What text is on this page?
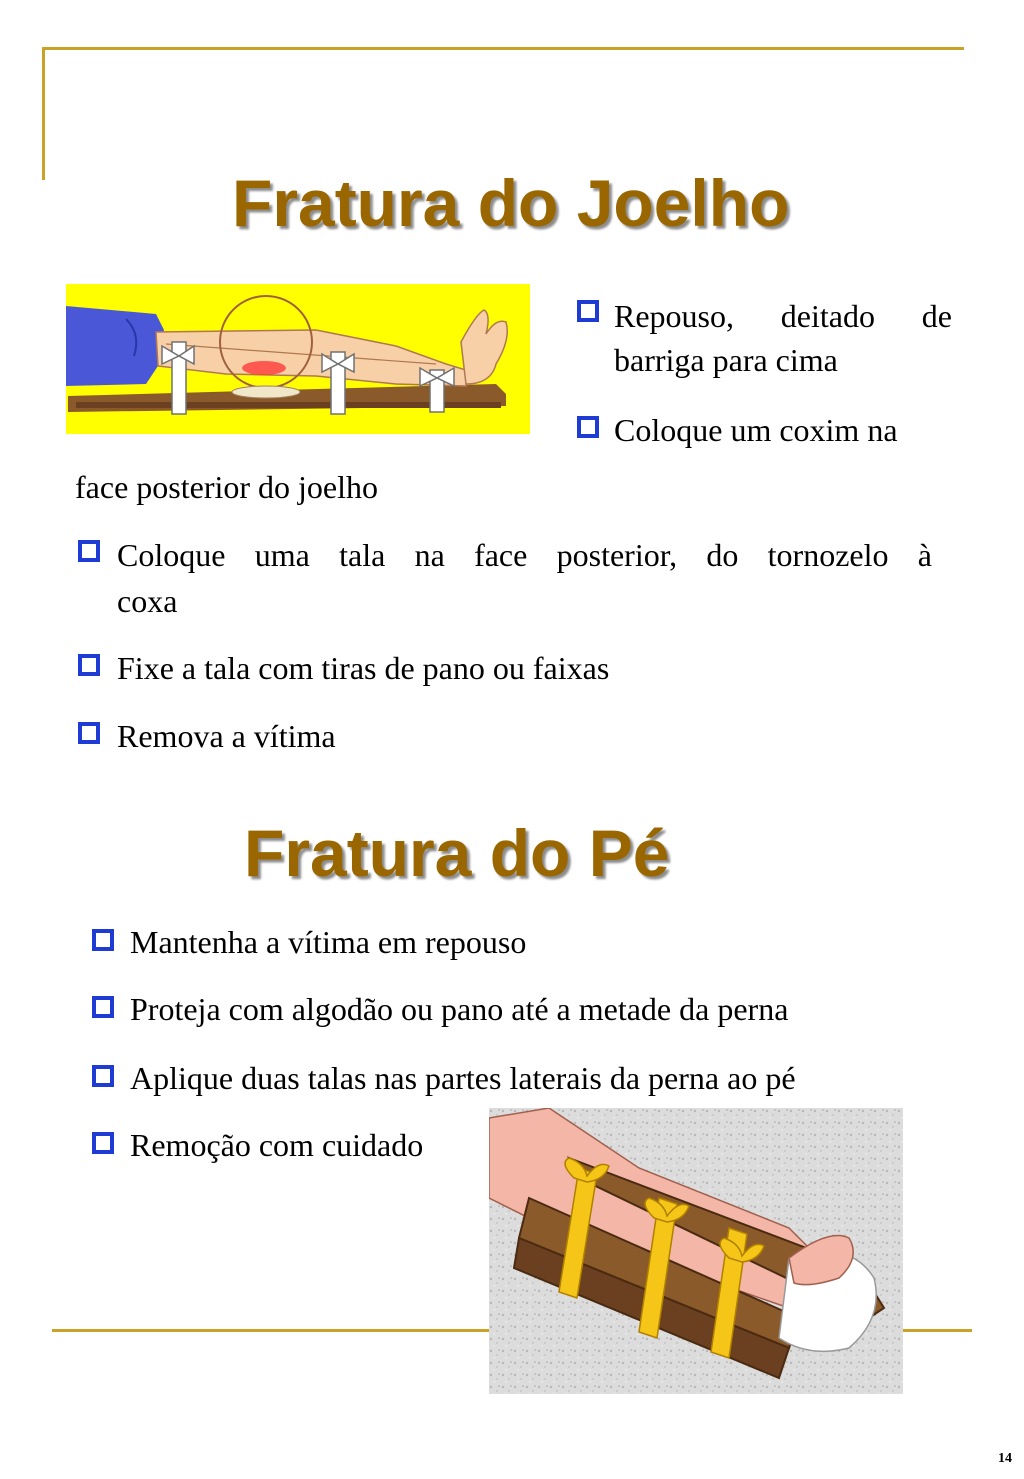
Fratura do Joelho
Repouso, deitado de
barriga para cima
Coloque um coxim na
face posterior do joelho
Coloque uma tala na face posterior, do tornozelo à
coxa
Fixe a tala com tiras de pano ou faixas
Remova a vítima
Fratura do Pé
Mantenha a vítima em repouso
Proteja com algodão ou pano até a metade da perna
Aplique duas talas nas partes laterais da perna ao pé
Remoção com cuidado
14
